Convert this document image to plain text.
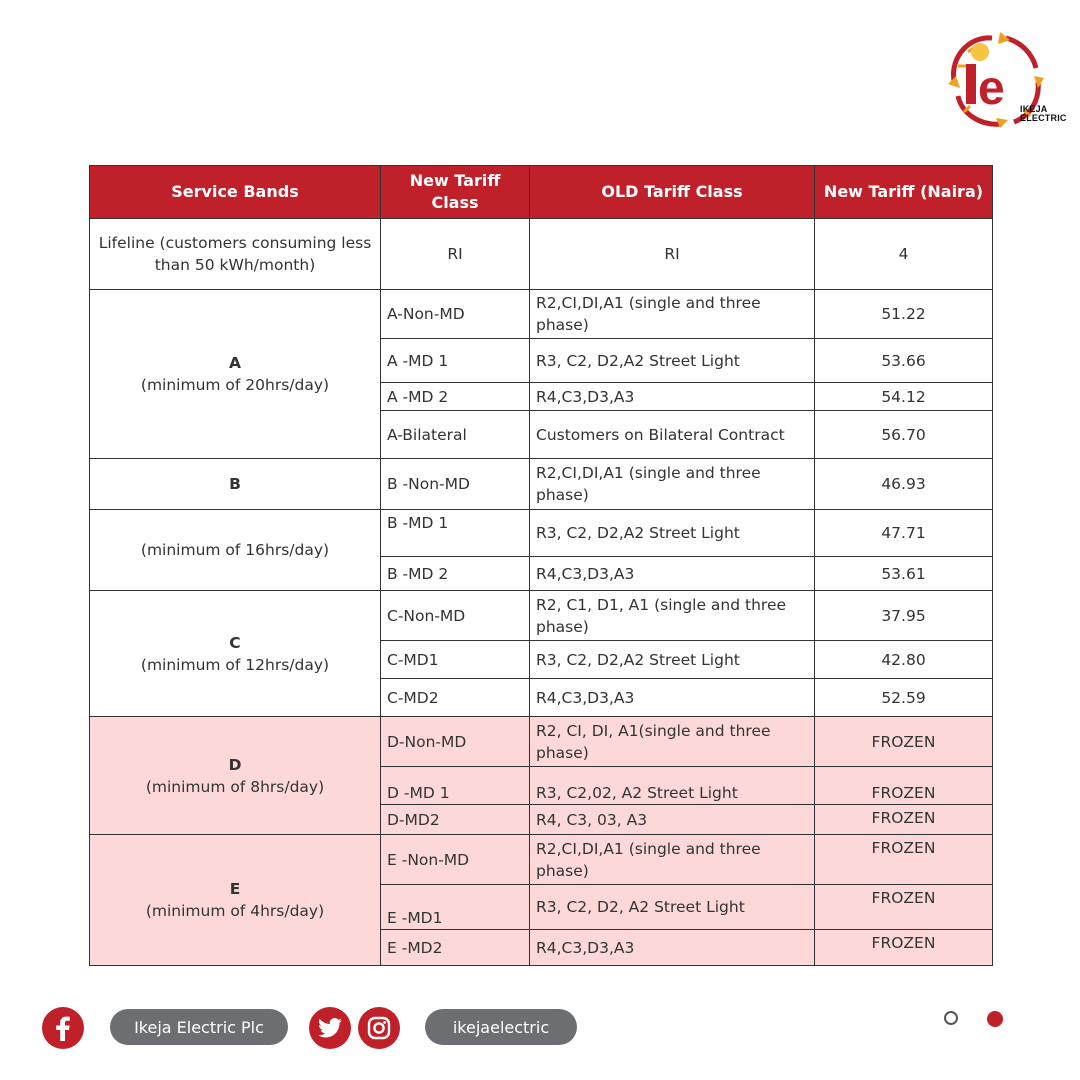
e IKEJA
ELECTRIC
Service Bands	New Tariff Class	OLD Tariff Class	New Tariff (Naira)
Lifeline (customers consuming less than 50 kWh/month)	RI	RI	4
A
(minimum of 20hrs/day)	A-Non-MD	R2,CI,DI,A1 (single and three phase)	51.22
	A -MD 1	R3, C2, D2,A2 Street Light	53.66
	A -MD 2	R4,C3,D3,A3	54.12
	A-Bilateral	Customers on Bilateral Contract	56.70
B	B -Non-MD	R2,CI,DI,A1 (single and three phase)	46.93
(minimum of 16hrs/day)	B -MD 1	R3, C2, D2,A2 Street Light	47.71
	B -MD 2	R4,C3,D3,A3	53.61
C
(minimum of 12hrs/day)	C-Non-MD	R2, C1, D1, A1 (single and three phase)	37.95
	C-MD1	R3, C2, D2,A2 Street Light	42.80
	C-MD2	R4,C3,D3,A3	52.59
D
(minimum of 8hrs/day)	D-Non-MD	R2, CI, DI, A1(single and three phase)	FROZEN
	D -MD 1	R3, C2,02, A2 Street Light	FROZEN
	D-MD2	R4, C3, 03, A3	FROZEN
E
(minimum of 4hrs/day)	E -Non-MD	R2,CI,DI,A1 (single and three phase)	FROZEN
	E -MD1	R3, C2, D2, A2 Street Light	FROZEN
	E -MD2	R4,C3,D3,A3	FROZEN
Ikeja Electric Plc	ikejaelectric
